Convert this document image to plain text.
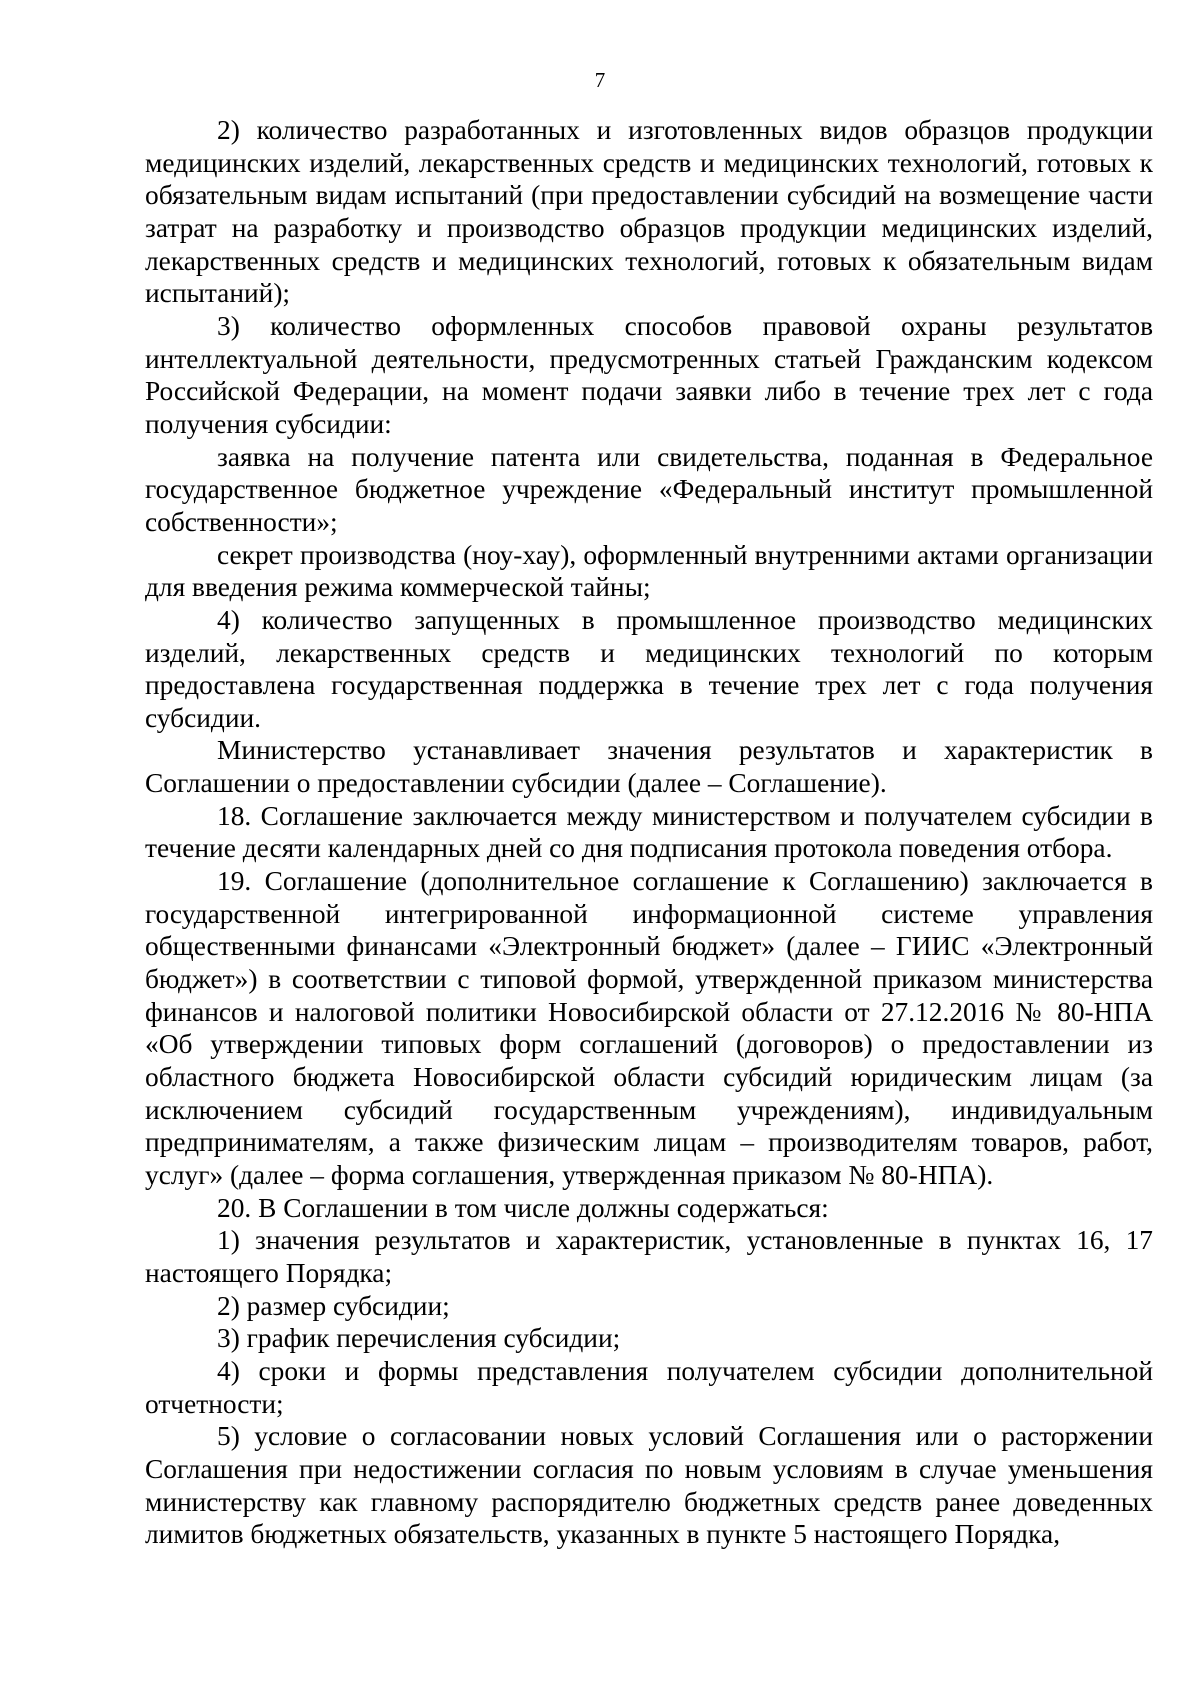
7

2) количество разработанных и изготовленных видов образцов продукции медицинских изделий, лекарственных средств и медицинских технологий, готовых к обязательным видам испытаний (при предоставлении субсидий на возмещение части затрат на разработку и производство образцов продукции медицинских изделий, лекарственных средств и медицинских технологий, готовых к обязательным видам испытаний);

3) количество оформленных способов правовой охраны результатов интеллектуальной деятельности, предусмотренных статьей Гражданским кодексом Российской Федерации, на момент подачи заявки либо в течение трех лет с года получения субсидии:

заявка на получение патента или свидетельства, поданная в Федеральное государственное бюджетное учреждение «Федеральный институт промышленной собственности»;

секрет производства (ноу-хау), оформленный внутренними актами организации для введения режима коммерческой тайны;

4) количество запущенных в промышленное производство медицинских изделий, лекарственных средств и медицинских технологий по которым предоставлена государственная поддержка в течение трех лет с года получения субсидии.

Министерство устанавливает значения результатов и характеристик в Соглашении о предоставлении субсидии (далее – Соглашение).

18. Соглашение заключается между министерством и получателем субсидии в течение десяти календарных дней со дня подписания протокола поведения отбора.

19. Соглашение (дополнительное соглашение к Соглашению) заключается в государственной интегрированной информационной системе управления общественными финансами «Электронный бюджет» (далее – ГИИС «Электронный бюджет») в соответствии с типовой формой, утвержденной приказом министерства финансов и налоговой политики Новосибирской области от 27.12.2016 № 80-НПА «Об утверждении типовых форм соглашений (договоров) о предоставлении из областного бюджета Новосибирской области субсидий юридическим лицам (за исключением субсидий государственным учреждениям), индивидуальным предпринимателям, а также физическим лицам – производителям товаров, работ, услуг» (далее – форма соглашения, утвержденная приказом № 80-НПА).

20. В Соглашении в том числе должны содержаться:

1) значения результатов и характеристик, установленные в пунктах 16, 17 настоящего Порядка;

2) размер субсидии;

3) график перечисления субсидии;

4) сроки и формы представления получателем субсидии дополнительной отчетности;

5) условие о согласовании новых условий Соглашения или о расторжении Соглашения при недостижении согласия по новым условиям в случае уменьшения министерству как главному распорядителю бюджетных средств ранее доведенных лимитов бюджетных обязательств, указанных в пункте 5 настоящего Порядка,
